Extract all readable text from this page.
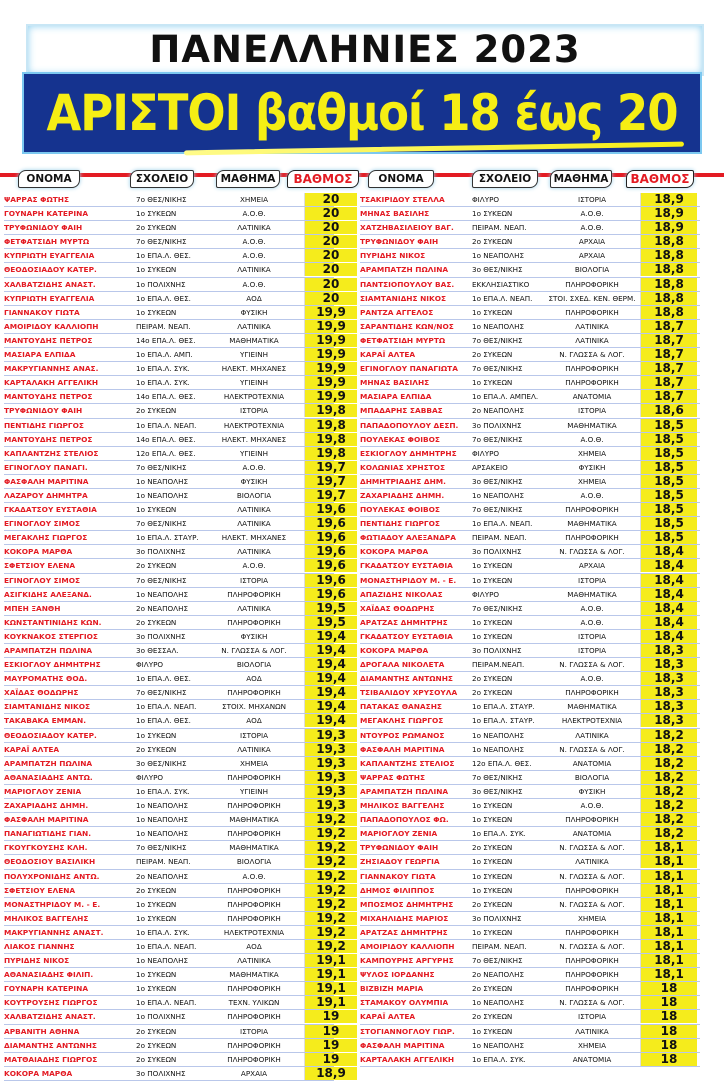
ΠΑΝΕΛΛΗΝΙΕΣ 2023
ΑΡΙΣΤΟΙ βαθμοί 18 έως 20
ΟΝΟΜΑ	ΣΧΟΛΕΙΟ	ΜΑΘΗΜΑ	ΒΑΘΜΟΣ
ΨΑΡΡΑΣ ΦΩΤΗΣ	7ο ΘΕΣ/ΝΙΚΗΣ	ΧΗΜΕΙΑ	20
ΓΟΥΝΑΡΗ ΚΑΤΕΡΙΝΑ	1ο ΣΥΚΕΩΝ	Α.Ο.Θ.	20
ΤΡΥΦΩΝΙΔΟΥ ΦΑΙΗ	2ο ΣΥΚΕΩΝ	ΛΑΤΙΝΙΚΑ	20
ΦΕΤΦΑΤΣΙΔΗ ΜΥΡΤΩ	7ο ΘΕΣ/ΝΙΚΗΣ	Α.Ο.Θ.	20
ΚΥΠΡΙΩΤΗ ΕΥΑΓΓΕΛΙΑ	1ο ΕΠΑ.Λ. ΘΕΣ.	Α.Ο.Θ.	20
ΘΕΟΔΟΣΙΑΔΟΥ ΚΑΤΕΡ.	1ο ΣΥΚΕΩΝ	ΛΑΤΙΝΙΚΑ	20
ΧΑΛΒΑΤΖΙΔΗΣ ΑΝΑΣΤ.	1ο ΠΟΛΙΧΝΗΣ	Α.Ο.Θ.	20
ΚΥΠΡΙΩΤΗ ΕΥΑΓΓΕΛΙΑ	1ο ΕΠΑ.Λ. ΘΕΣ.	ΑΟΔ	20
ΓΙΑΝΝΑΚΟΥ ΓΙΩΤΑ	1ο ΣΥΚΕΩΝ	ΦΥΣΙΚΗ	19,9
ΑΜΟΙΡΙΔΟΥ ΚΑΛΛΙΟΠΗ	ΠΕΙΡΑΜ. ΝΕΑΠ.	ΛΑΤΙΝΙΚΑ	19,9
ΜΑΝΤΟΥΔΗΣ ΠΕΤΡΟΣ	14ο ΕΠΑ.Λ. ΘΕΣ.	ΜΑΘΗΜΑΤΙΚΑ	19,9
ΜΑΣΙΑΡΑ ΕΛΠΙΔΑ	1ο ΕΠΑ.Λ. ΑΜΠ.	ΥΓΙΕΙΝΗ	19,9
ΜΑΚΡΥΓΙΑΝΝΗΣ ΑΝΑΣ.	1ο ΕΠΑ.Λ. ΣΥΚ.	ΗΛΕΚΤ. ΜΗΧΑΝΕΣ	19,9
ΚΑΡΤΑΛΑΚΗ ΑΓΓΕΛΙΚΗ	1ο ΕΠΑ.Λ. ΣΥΚ.	ΥΓΙΕΙΝΗ	19,9
ΜΑΝΤΟΥΔΗΣ ΠΕΤΡΟΣ	14ο ΕΠΑ.Λ. ΘΕΣ.	ΗΛΕΚΤΡΟΤΕΧΝΙΑ	19,9
ΤΡΥΦΩΝΙΔΟΥ ΦΑΙΗ	2ο ΣΥΚΕΩΝ	ΙΣΤΟΡΙΑ	19,8
ΠΕΝΤΙΔΗΣ ΓΙΩΡΓΟΣ	1ο ΕΠΑ.Λ. ΝΕΑΠ.	ΗΛΕΚΤΡΟΤΕΧΝΙΑ	19,8
ΜΑΝΤΟΥΔΗΣ ΠΕΤΡΟΣ	14ο ΕΠΑ.Λ. ΘΕΣ.	ΗΛΕΚΤ. ΜΗΧΑΝΕΣ	19,8
ΚΑΠΛΑΝΤΖΗΣ ΣΤΕΛΙΟΣ	12ο ΕΠΑ.Λ. ΘΕΣ.	ΥΓΙΕΙΝΗ	19,8
ΕΓΙΝΟΓΛΟΥ ΠΑΝΑΓΙ.	7ο ΘΕΣ/ΝΙΚΗΣ	Α.Ο.Θ.	19,7
ΦΑΣΦΑΛΗ ΜΑΡΙΤΙΝΑ	1ο ΝΕΑΠΟΛΗΣ	ΦΥΣΙΚΗ	19,7
ΛΑΖΑΡΟΥ ΔΗΜΗΤΡΑ	1ο ΝΕΑΠΟΛΗΣ	ΒΙΟΛΟΓΙΑ	19,7
ΓΚΑΔΑΤΣΟΥ ΕΥΣΤΑΘΙΑ	1ο ΣΥΚΕΩΝ	ΛΑΤΙΝΙΚΑ	19,6
ΕΓΙΝΟΓΛΟΥ ΣΙΜΟΣ	7ο ΘΕΣ/ΝΙΚΗΣ	ΛΑΤΙΝΙΚΑ	19,6
ΜΕΓΑΚΛΗΣ ΓΙΩΡΓΟΣ	1ο ΕΠΑ.Λ. ΣΤΑΥΡ.	ΗΛΕΚΤ. ΜΗΧΑΝΕΣ	19,6
ΚΟΚΟΡΑ ΜΑΡΘΑ	3ο ΠΟΛΙΧΝΗΣ	ΛΑΤΙΝΙΚΑ	19,6
ΣΦΕΤΣΙΟΥ ΕΛΕΝΑ	2ο ΣΥΚΕΩΝ	Α.Ο.Θ.	19,6
ΕΓΙΝΟΓΛΟΥ ΣΙΜΟΣ	7ο ΘΕΣ/ΝΙΚΗΣ	ΙΣΤΟΡΙΑ	19,6
ΑΣΙΓΚΙΔΗΣ ΑΛΕΞΑΝΔ.	1ο ΝΕΑΠΟΛΗΣ	ΠΛΗΡΟΦΟΡΙΚΗ	19,6
ΜΠΕΗ ΞΑΝΘΗ	2ο ΝΕΑΠΟΛΗΣ	ΛΑΤΙΝΙΚΑ	19,5
ΚΩΝΣΤΑΝΤΙΝΙΔΗΣ ΚΩΝ.	2ο ΣΥΚΕΩΝ	ΠΛΗΡΟΦΟΡΙΚΗ	19,5
ΚΟΥΚΝΑΚΟΣ ΣΤΕΡΓΙΟΣ	3ο ΠΟΛΙΧΝΗΣ	ΦΥΣΙΚΗ	19,4
ΑΡΑΜΠΑΤΖΗ ΠΩΛΙΝΑ	3ο ΘΕΣΣΑΛ.	Ν. ΓΛΩΣΣΑ & ΛΟΓ.	19,4
ΕΣΚΙΟΓΛΟΥ ΔΗΜΗΤΡΗΣ	ΦΙΛΥΡΟ	ΒΙΟΛΟΓΙΑ	19,4
ΜΑΥΡΟΜΑΤΗΣ ΘΟΔ.	1ο ΕΠΑ.Λ. ΘΕΣ.	ΑΟΔ	19,4
ΧΑΪΔΑΣ ΘΟΔΩΡΗΣ	7ο ΘΕΣ/ΝΙΚΗΣ	ΠΛΗΡΟΦΟΡΙΚΗ	19,4
ΣΙΑΜΤΑΝΙΔΗΣ ΝΙΚΟΣ	1ο ΕΠΑ.Λ. ΝΕΑΠ.	ΣΤΟΙΧ. ΜΗΧΑΝΩΝ	19,4
ΤΑΚΑΒΑΚΑ ΕΜΜΑΝ.	1ο ΕΠΑ.Λ. ΘΕΣ.	ΑΟΔ	19,4
ΘΕΟΔΟΣΙΑΔΟΥ ΚΑΤΕΡ.	1ο ΣΥΚΕΩΝ	ΙΣΤΟΡΙΑ	19,3
ΚΑΡΑΪ ΑΛΤΕΑ	2ο ΣΥΚΕΩΝ	ΛΑΤΙΝΙΚΑ	19,3
ΑΡΑΜΠΑΤΖΗ ΠΩΛΙΝΑ	3ο ΘΕΣ/ΝΙΚΗΣ	ΧΗΜΕΙΑ	19,3
ΑΘΑΝΑΣΙΑΔΗΣ ΑΝΤΩ.	ΦΙΛΥΡΟ	ΠΛΗΡΟΦΟΡΙΚΗ	19,3
ΜΑΡΙΟΓΛΟΥ ΖΕΝΙΑ	1ο ΕΠΑ.Λ. ΣΥΚ.	ΥΓΙΕΙΝΗ	19,3
ΖΑΧΑΡΙΑΔΗΣ ΔΗΜΗ.	1ο ΝΕΑΠΟΛΗΣ	ΠΛΗΡΟΦΟΡΙΚΗ	19,3
ΦΑΣΦΑΛΗ ΜΑΡΙΤΙΝΑ	1ο ΝΕΑΠΟΛΗΣ	ΜΑΘΗΜΑΤΙΚΑ	19,2
ΠΑΝΑΓΙΩΤΙΔΗΣ ΓΙΑΝ.	1ο ΝΕΑΠΟΛΗΣ	ΠΛΗΡΟΦΟΡΙΚΗ	19,2
ΓΚΟΥΓΚΟΥΣΗΣ ΚΛΗ.	7ο ΘΕΣ/ΝΙΚΗΣ	ΜΑΘΗΜΑΤΙΚΑ	19,2
ΘΕΟΔΟΣΙΟΥ ΒΑΣΙΛΙΚΗ	ΠΕΙΡΑΜ. ΝΕΑΠ.	ΒΙΟΛΟΓΙΑ	19,2
ΠΟΛΥΧΡΟΝΙΔΗΣ ΑΝΤΩ.	2ο ΝΕΑΠΟΛΗΣ	Α.Ο.Θ.	19,2
ΣΦΕΤΣΙΟΥ ΕΛΕΝΑ	2ο ΣΥΚΕΩΝ	ΠΛΗΡΟΦΟΡΙΚΗ	19,2
ΜΟΝΑΣΤΗΡΙΔΟΥ Μ. - Ε.	1ο ΣΥΚΕΩΝ	ΠΛΗΡΟΦΟΡΙΚΗ	19,2
ΜΗΛΙΚΟΣ ΒΑΓΓΕΛΗΣ	1ο ΣΥΚΕΩΝ	ΠΛΗΡΟΦΟΡΙΚΗ	19,2
ΜΑΚΡΥΓΙΑΝΝΗΣ ΑΝΑΣΤ.	1ο ΕΠΑ.Λ. ΣΥΚ.	ΗΛΕΚΤΡΟΤΕΧΝΙΑ	19,2
ΛΙΑΚΟΣ ΓΙΑΝΝΗΣ	1ο ΕΠΑ.Λ. ΝΕΑΠ.	ΑΟΔ	19,2
ΠΥΡΙΔΗΣ ΝΙΚΟΣ	1ο ΝΕΑΠΟΛΗΣ	ΛΑΤΙΝΙΚΑ	19,1
ΑΘΑΝΑΣΙΑΔΗΣ ΦΙΛΙΠ.	1ο ΣΥΚΕΩΝ	ΜΑΘΗΜΑΤΙΚΑ	19,1
ΓΟΥΝΑΡΗ ΚΑΤΕΡΙΝΑ	1ο ΣΥΚΕΩΝ	ΠΛΗΡΟΦΟΡΙΚΗ	19,1
ΚΟΥΤΡΟΥΣΗΣ ΓΙΩΡΓΟΣ	1ο ΕΠΑ.Λ. ΝΕΑΠ.	ΤΕΧΝ. ΥΛΙΚΩΝ	19,1
ΧΑΛΒΑΤΖΙΔΗΣ ΑΝΑΣΤ.	1ο ΠΟΛΙΧΝΗΣ	ΠΛΗΡΟΦΟΡΙΚΗ	19
ΑΡΒΑΝΙΤΗ ΑΘΗΝΑ	2ο ΣΥΚΕΩΝ	ΙΣΤΟΡΙΑ	19
ΔΙΑΜΑΝΤΗΣ ΑΝΤΩΝΗΣ	2ο ΣΥΚΕΩΝ	ΠΛΗΡΟΦΟΡΙΚΗ	19
ΜΑΤΘΑΙΑΔΗΣ ΓΙΩΡΓΟΣ	2ο ΣΥΚΕΩΝ	ΠΛΗΡΟΦΟΡΙΚΗ	19
ΚΟΚΟΡΑ ΜΑΡΘΑ	3ο ΠΟΛΙΧΝΗΣ	ΑΡΧΑΙΑ	18,9
ΟΝΟΜΑ	ΣΧΟΛΕΙΟ	ΜΑΘΗΜΑ	ΒΑΘΜΟΣ
ΤΣΑΚΙΡΙΔΟΥ ΣΤΕΛΛΑ	ΦΙΛΥΡΟ	ΙΣΤΟΡΙΑ	18,9
ΜΗΝΑΣ ΒΑΣΙΛΗΣ	1ο ΣΥΚΕΩΝ	Α.Ο.Θ.	18,9
ΧΑΤΖΗΒΑΣΙΛΕΙΟΥ ΒΑΓ.	ΠΕΙΡΑΜ. ΝΕΑΠ.	Α.Ο.Θ.	18,9
ΤΡΥΦΩΝΙΔΟΥ ΦΑΙΗ	2ο ΣΥΚΕΩΝ	ΑΡΧΑΙΑ	18,8
ΠΥΡΙΔΗΣ ΝΙΚΟΣ	1ο ΝΕΑΠΟΛΗΣ	ΑΡΧΑΙΑ	18,8
ΑΡΑΜΠΑΤΖΗ ΠΩΛΙΝΑ	3ο ΘΕΣ/ΝΙΚΗΣ	ΒΙΟΛΟΓΙΑ	18,8
ΠΑΝΤΣΙΟΠΟΥΛΟΥ ΒΑΣ.	ΕΚΚΛΗΣΙΑΣΤΙΚΟ	ΠΛΗΡΟΦΟΡΙΚΗ	18,8
ΣΙΑΜΤΑΝΙΔΗΣ ΝΙΚΟΣ	1ο ΕΠΑ.Λ. ΝΕΑΠ.	ΣΤΟΙ. ΣΧΕΔ. ΚΕΝ. ΘΕΡΜ.	18,8
ΡΑΝΤΖΑ ΑΓΓΕΛΟΣ	1ο ΣΥΚΕΩΝ	ΠΛΗΡΟΦΟΡΙΚΗ	18,8
ΣΑΡΑΝΤΙΔΗΣ ΚΩΝ/ΝΟΣ	1ο ΝΕΑΠΟΛΗΣ	ΛΑΤΙΝΙΚΑ	18,7
ΦΕΤΦΑΤΣΙΔΗ ΜΥΡΤΩ	7ο ΘΕΣ/ΝΙΚΗΣ	ΛΑΤΙΝΙΚΑ	18,7
ΚΑΡΑΪ ΑΛΤΕΑ	2ο ΣΥΚΕΩΝ	Ν. ΓΛΩΣΣΑ & ΛΟΓ.	18,7
ΕΓΙΝΟΓΛΟΥ ΠΑΝΑΓΙΩΤΑ	7ο ΘΕΣ/ΝΙΚΗΣ	ΠΛΗΡΟΦΟΡΙΚΗ	18,7
ΜΗΝΑΣ ΒΑΣΙΛΗΣ	1ο ΣΥΚΕΩΝ	ΠΛΗΡΟΦΟΡΙΚΗ	18,7
ΜΑΣΙΑΡΑ ΕΛΠΙΔΑ	1ο ΕΠΑ.Λ. ΑΜΠΕΛ.	ΑΝΑΤΟΜΙΑ	18,7
ΜΠΑΔΑΡΗΣ ΣΑΒΒΑΣ	2ο ΝΕΑΠΟΛΗΣ	ΙΣΤΟΡΙΑ	18,6
ΠΑΠΑΔΟΠΟΥΛΟΥ ΔΕΣΠ.	3ο ΠΟΛΙΧΝΗΣ	ΜΑΘΗΜΑΤΙΚΑ	18,5
ΠΟΥΛΕΚΑΣ ΦΟΙΒΟΣ	7ο ΘΕΣ/ΝΙΚΗΣ	Α.Ο.Θ.	18,5
ΕΣΚΙΟΓΛΟΥ ΔΗΜΗΤΡΗΣ	ΦΙΛΥΡΟ	ΧΗΜΕΙΑ	18,5
ΚΟΛΩΝΙΑΣ ΧΡΗΣΤΟΣ	ΑΡΣΑΚΕΙΟ	ΦΥΣΙΚΗ	18,5
ΔΗΜΗΤΡΙΑΔΗΣ ΔΗΜ.	3ο ΘΕΣ/ΝΙΚΗΣ	ΧΗΜΕΙΑ	18,5
ΖΑΧΑΡΙΑΔΗΣ ΔΗΜΗ.	1ο ΝΕΑΠΟΛΗΣ	Α.Ο.Θ.	18,5
ΠΟΥΛΕΚΑΣ ΦΟΙΒΟΣ	7ο ΘΕΣ/ΝΙΚΗΣ	ΠΛΗΡΟΦΟΡΙΚΗ	18,5
ΠΕΝΤΙΔΗΣ ΓΙΩΡΓΟΣ	1ο ΕΠΑ.Λ. ΝΕΑΠ.	ΜΑΘΗΜΑΤΙΚΑ	18,5
ΦΩΤΙΑΔΟΥ ΑΛΕΞΑΝΔΡΑ	ΠΕΙΡΑΜ. ΝΕΑΠ.	ΠΛΗΡΟΦΟΡΙΚΗ	18,5
ΚΟΚΟΡΑ ΜΑΡΘΑ	3ο ΠΟΛΙΧΝΗΣ	Ν. ΓΛΩΣΣΑ & ΛΟΓ.	18,4
ΓΚΑΔΑΤΣΟΥ ΕΥΣΤΑΘΙΑ	1ο ΣΥΚΕΩΝ	ΑΡΧΑΙΑ	18,4
ΜΟΝΑΣΤΗΡΙΔΟΥ Μ. - Ε.	1ο ΣΥΚΕΩΝ	ΙΣΤΟΡΙΑ	18,4
ΑΠΑΖΙΔΗΣ ΝΙΚΟΛΑΣ	ΦΙΛΥΡΟ	ΜΑΘΗΜΑΤΙΚΑ	18,4
ΧΑΪΔΑΣ ΘΟΔΩΡΗΣ	7ο ΘΕΣ/ΝΙΚΗΣ	Α.Ο.Θ.	18,4
ΑΡΑΤΖΑΣ ΔΗΜΗΤΡΗΣ	1ο ΣΥΚΕΩΝ	Α.Ο.Θ.	18,4
ΓΚΑΔΑΤΣΟΥ ΕΥΣΤΑΘΙΑ	1ο ΣΥΚΕΩΝ	ΙΣΤΟΡΙΑ	18,4
ΚΟΚΟΡΑ ΜΑΡΘΑ	3ο ΠΟΛΙΧΝΗΣ	ΙΣΤΟΡΙΑ	18,3
ΔΡΟΓΑΛΑ ΝΙΚΟΛΕΤΑ	ΠΕΙΡΑΜ.ΝΕΑΠ.	Ν. ΓΛΩΣΣΑ & ΛΟΓ.	18,3
ΔΙΑΜΑΝΤΗΣ ΑΝΤΩΝΗΣ	2ο ΣΥΚΕΩΝ	Α.Ο.Θ.	18,3
ΤΣΙΒΑΛΙΔΟΥ ΧΡΥΣΟΥΛΑ	2ο ΣΥΚΕΩΝ	ΠΛΗΡΟΦΟΡΙΚΗ	18,3
ΠΑΤΑΚΑΣ ΘΑΝΑΣΗΣ	1ο ΕΠΑ.Λ. ΣΤΑΥΡ.	ΜΑΘΗΜΑΤΙΚΑ	18,3
ΜΕΓΑΚΛΗΣ ΓΙΩΡΓΟΣ	1ο ΕΠΑ.Λ. ΣΤΑΥΡ.	ΗΛΕΚΤΡΟΤΕΧΝΙΑ	18,3
ΝΤΟΥΡΟΣ ΡΩΜΑΝΟΣ	1ο ΝΕΑΠΟΛΗΣ	ΛΑΤΙΝΙΚΑ	18,2
ΦΑΣΦΑΛΗ ΜΑΡΙΤΙΝΑ	1ο ΝΕΑΠΟΛΗΣ	Ν. ΓΛΩΣΣΑ & ΛΟΓ.	18,2
ΚΑΠΛΑΝΤΖΗΣ ΣΤΕΛΙΟΣ	12ο ΕΠΑ.Λ. ΘΕΣ.	ΑΝΑΤΟΜΙΑ	18,2
ΨΑΡΡΑΣ ΦΩΤΗΣ	7ο ΘΕΣ/ΝΙΚΗΣ	ΒΙΟΛΟΓΙΑ	18,2
ΑΡΑΜΠΑΤΖΗ ΠΩΛΙΝΑ	3ο ΘΕΣ/ΝΙΚΗΣ	ΦΥΣΙΚΗ	18,2
ΜΗΛΙΚΟΣ ΒΑΓΓΕΛΗΣ	1ο ΣΥΚΕΩΝ	Α.Ο.Θ.	18,2
ΠΑΠΑΔΟΠΟΥΛΟΣ ΦΩ.	1ο ΣΥΚΕΩΝ	ΠΛΗΡΟΦΟΡΙΚΗ	18,2
ΜΑΡΙΟΓΛΟΥ ΖΕΝΙΑ	1ο ΕΠΑ.Λ. ΣΥΚ.	ΑΝΑΤΟΜΙΑ	18,2
ΤΡΥΦΩΝΙΔΟΥ ΦΑΙΗ	2ο ΣΥΚΕΩΝ	Ν. ΓΛΩΣΣΑ & ΛΟΓ.	18,1
ΖΗΣΙΑΔΟΥ ΓΕΩΡΓΙΑ	1ο ΣΥΚΕΩΝ	ΛΑΤΙΝΙΚΑ	18,1
ΓΙΑΝΝΑΚΟΥ ΓΙΩΤΑ	1ο ΣΥΚΕΩΝ	Ν. ΓΛΩΣΣΑ & ΛΟΓ.	18,1
ΔΗΜΟΣ ΦΙΛΙΠΠΟΣ	1ο ΣΥΚΕΩΝ	ΠΛΗΡΟΦΟΡΙΚΗ	18,1
ΜΠΟΣΜΟΣ ΔΗΜΗΤΡΗΣ	2ο ΣΥΚΕΩΝ	Ν. ΓΛΩΣΣΑ & ΛΟΓ.	18,1
ΜΙΧΑΗΛΙΔΗΣ ΜΑΡΙΟΣ	3ο ΠΟΛΙΧΝΗΣ	ΧΗΜΕΙΑ	18,1
ΑΡΑΤΖΑΣ ΔΗΜΗΤΡΗΣ	1ο ΣΥΚΕΩΝ	ΠΛΗΡΟΦΟΡΙΚΗ	18,1
ΑΜΟΙΡΙΔΟΥ ΚΑΛΛΙΟΠΗ	ΠΕΙΡΑΜ. ΝΕΑΠ.	Ν. ΓΛΩΣΣΑ & ΛΟΓ.	18,1
ΚΑΜΠΟΥΡΗΣ ΑΡΓΥΡΗΣ	7ο ΘΕΣ/ΝΙΚΗΣ	ΠΛΗΡΟΦΟΡΙΚΗ	18,1
ΨΥΛΟΣ ΙΟΡΔΑΝΗΣ	2ο ΝΕΑΠΟΛΗΣ	ΠΛΗΡΟΦΟΡΙΚΗ	18,1
ΒΙΖΒΙΖΗ ΜΑΡΙΑ	2ο ΣΥΚΕΩΝ	ΠΛΗΡΟΦΟΡΙΚΗ	18
ΣΤΑΜΑΚΟΥ ΟΛΥΜΠΙΑ	1ο ΝΕΑΠΟΛΗΣ	Ν. ΓΛΩΣΣΑ & ΛΟΓ.	18
ΚΑΡΑΪ ΑΛΤΕΑ	2ο ΣΥΚΕΩΝ	ΙΣΤΟΡΙΑ	18
ΣΤΟΓΙΑΝΝΟΓΛΟΥ ΓΙΩΡ.	1ο ΣΥΚΕΩΝ	ΛΑΤΙΝΙΚΑ	18
ΦΑΣΦΑΛΗ ΜΑΡΙΤΙΝΑ	1ο ΝΕΑΠΟΛΗΣ	ΧΗΜΕΙΑ	18
ΚΑΡΤΑΛΑΚΗ ΑΓΓΕΛΙΚΗ	1ο ΕΠΑ.Λ. ΣΥΚ.	ΑΝΑΤΟΜΙΑ	18
